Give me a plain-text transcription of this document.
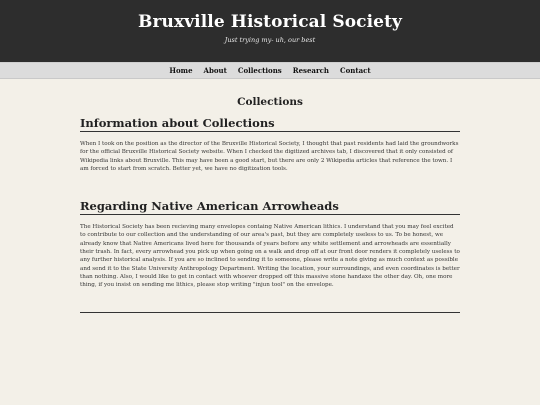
Bruxville Historical Society

Just trying my- uh, our best

Home About Collections Research Contact
Collections
Information about Collections

When I took on the position as the director of the Bruxville Historical Society, I thought that past residents had laid the groundworks for the official Bruxville Historical Society website. When I checked the digitized archives tab, I discovered that it only consisted of Wikipedia links about Bruxville. This may have been a good start, but there are only 2 Wikipedia articles that reference the town. I am forced to start from scratch. Better yet, we have no digitization tools.

Regarding Native American Arrowheads

The Historical Society has been recieving many envelopes containg Native American lithics. I understand that you may feel excited to contribute to our collection and the understanding of our area's past, but they are completely useless to us. To be honest, we already know that Native Americans lived here for thousands of years before any white settlement and arrowheads are essentially their trash. In fact, every arrowhead you pick up when going on a walk and drop off at our front door renders it completely useless to any further historical analysis. If you are so inclined to sending it to someone, please write a note giving as much context as possible and send it to the State University Anthropology Department. Writing the location, your surroundings, and even coordinates is better than nothing. Also, I would like to get in contact with whoever dropped off this massive stone handaxe the other day. Oh, one more thing, if you insist on sending me lithics, please stop writing "injun tool" on the envelope.
